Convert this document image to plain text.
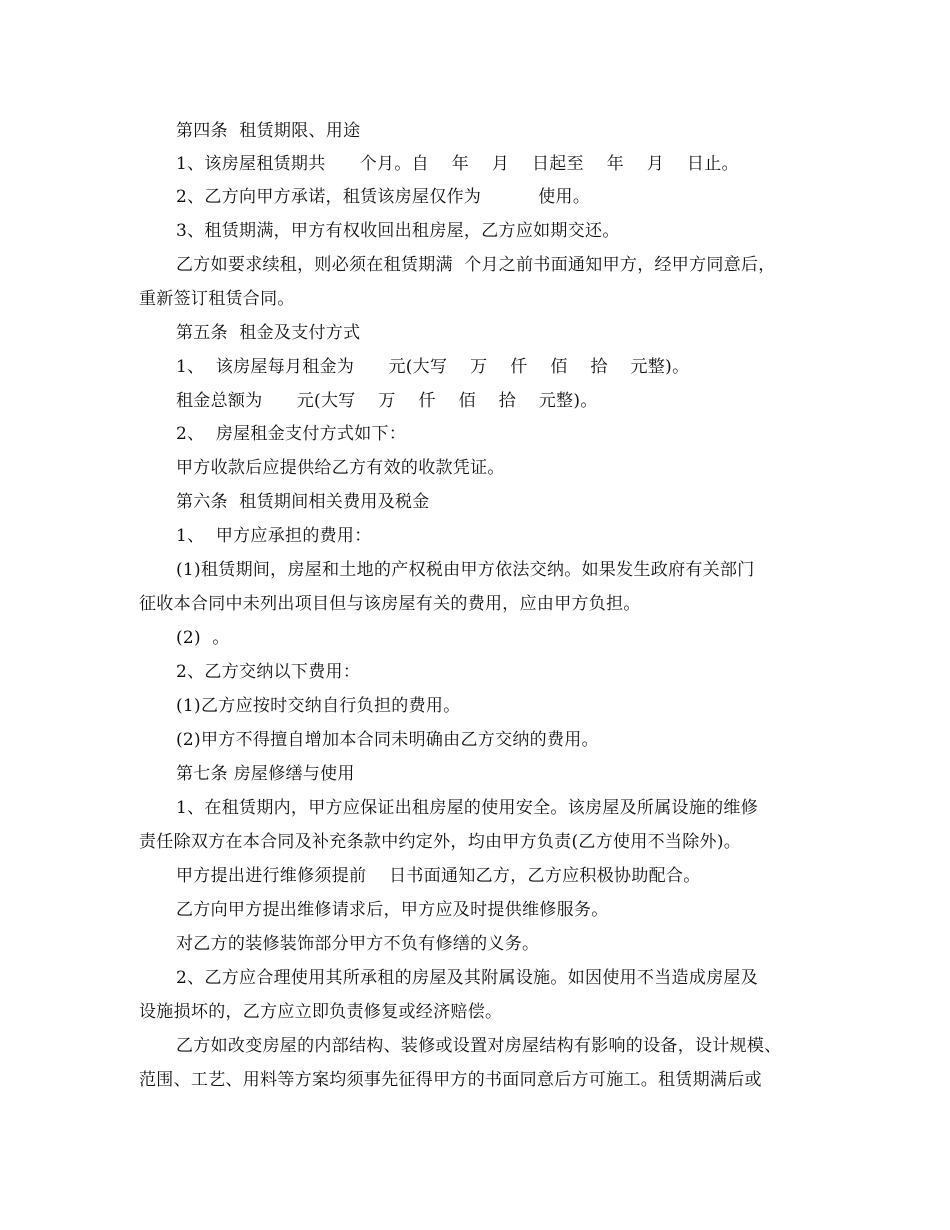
第四条  租赁期限、用途
1、该房屋租赁期共      个月。自    年    月    日起至    年    月    日止。
2、乙方向甲方承诺，租赁该房屋仅作为          使用。
3、租赁期满，甲方有权收回出租房屋，乙方应如期交还。
乙方如要求续租，则必须在租赁期满  个月之前书面通知甲方，经甲方同意后，
重新签订租赁合同。
第五条  租金及支付方式
1、  该房屋每月租金为      元(大写    万    仟    佰    拾    元整)。
租金总额为      元(大写    万    仟    佰    拾    元整)。
2、  房屋租金支付方式如下：
甲方收款后应提供给乙方有效的收款凭证。
第六条  租赁期间相关费用及税金
1、  甲方应承担的费用：
(1)租赁期间，房屋和土地的产权税由甲方依法交纳。如果发生政府有关部门
征收本合同中未列出项目但与该房屋有关的费用，应由甲方负担。
(2)  。
2、乙方交纳以下费用：
(1)乙方应按时交纳自行负担的费用。
(2)甲方不得擅自增加本合同未明确由乙方交纳的费用。
第七条 房屋修缮与使用
1、在租赁期内，甲方应保证出租房屋的使用安全。该房屋及所属设施的维修
责任除双方在本合同及补充条款中约定外，均由甲方负责(乙方使用不当除外)。
甲方提出进行维修须提前    日书面通知乙方，乙方应积极协助配合。
乙方向甲方提出维修请求后，甲方应及时提供维修服务。
对乙方的装修装饰部分甲方不负有修缮的义务。
2、乙方应合理使用其所承租的房屋及其附属设施。如因使用不当造成房屋及
设施损坏的，乙方应立即负责修复或经济赔偿。
乙方如改变房屋的内部结构、装修或设置对房屋结构有影响的设备，设计规模、
范围、工艺、用料等方案均须事先征得甲方的书面同意后方可施工。租赁期满后或
